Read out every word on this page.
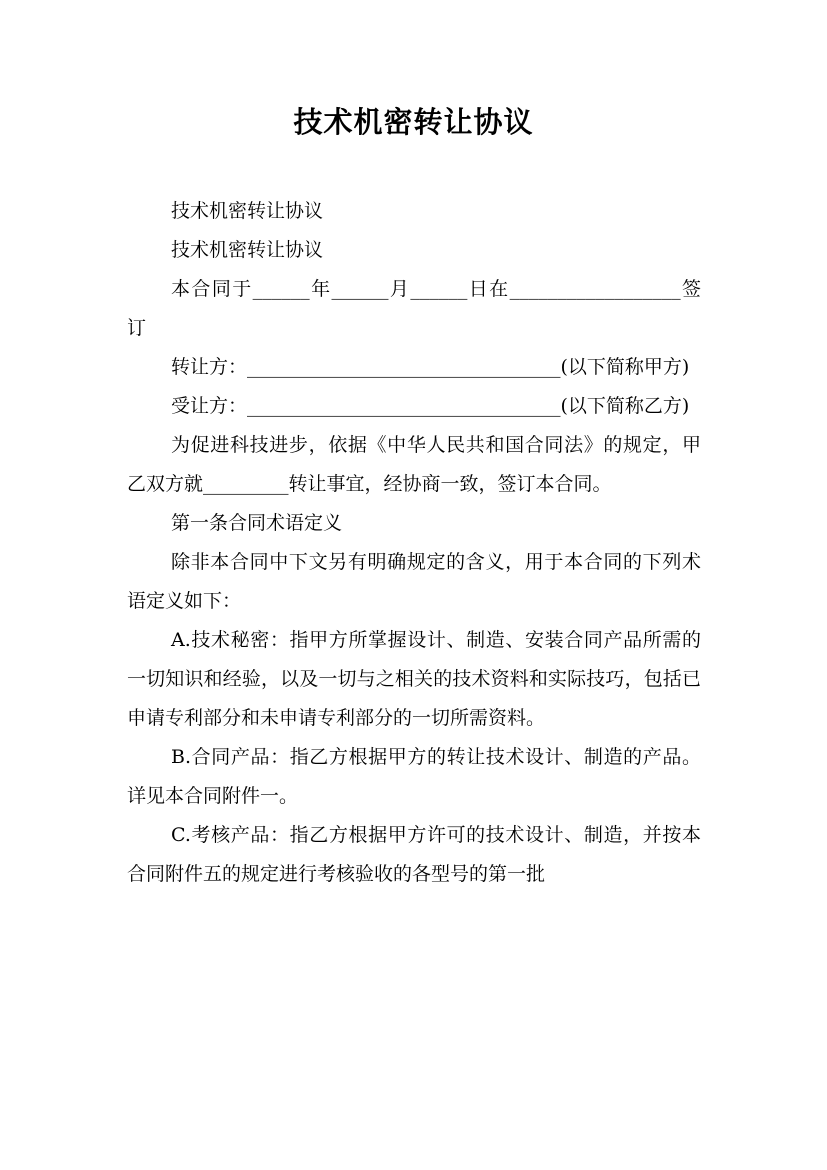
技术机密转让协议

技术机密转让协议

技术机密转让协议

本合同于______年______月______日在__________________签订

转让方：_________________________________(以下简称甲方)

受让方：_________________________________(以下简称乙方)

为促进科技进步，依据《中华人民共和国合同法》的规定，甲乙双方就_________转让事宜，经协商一致，签订本合同。

第一条合同术语定义

除非本合同中下文另有明确规定的含义，用于本合同的下列术语定义如下：

A.技术秘密：指甲方所掌握设计、制造、安装合同产品所需的一切知识和经验，以及一切与之相关的技术资料和实际技巧，包括已申请专利部分和未申请专利部分的一切所需资料。

B.合同产品：指乙方根据甲方的转让技术设计、制造的产品。详见本合同附件一。

C.考核产品：指乙方根据甲方许可的技术设计、制造，并按本合同附件五的规定进行考核验收的各型号的第一批
